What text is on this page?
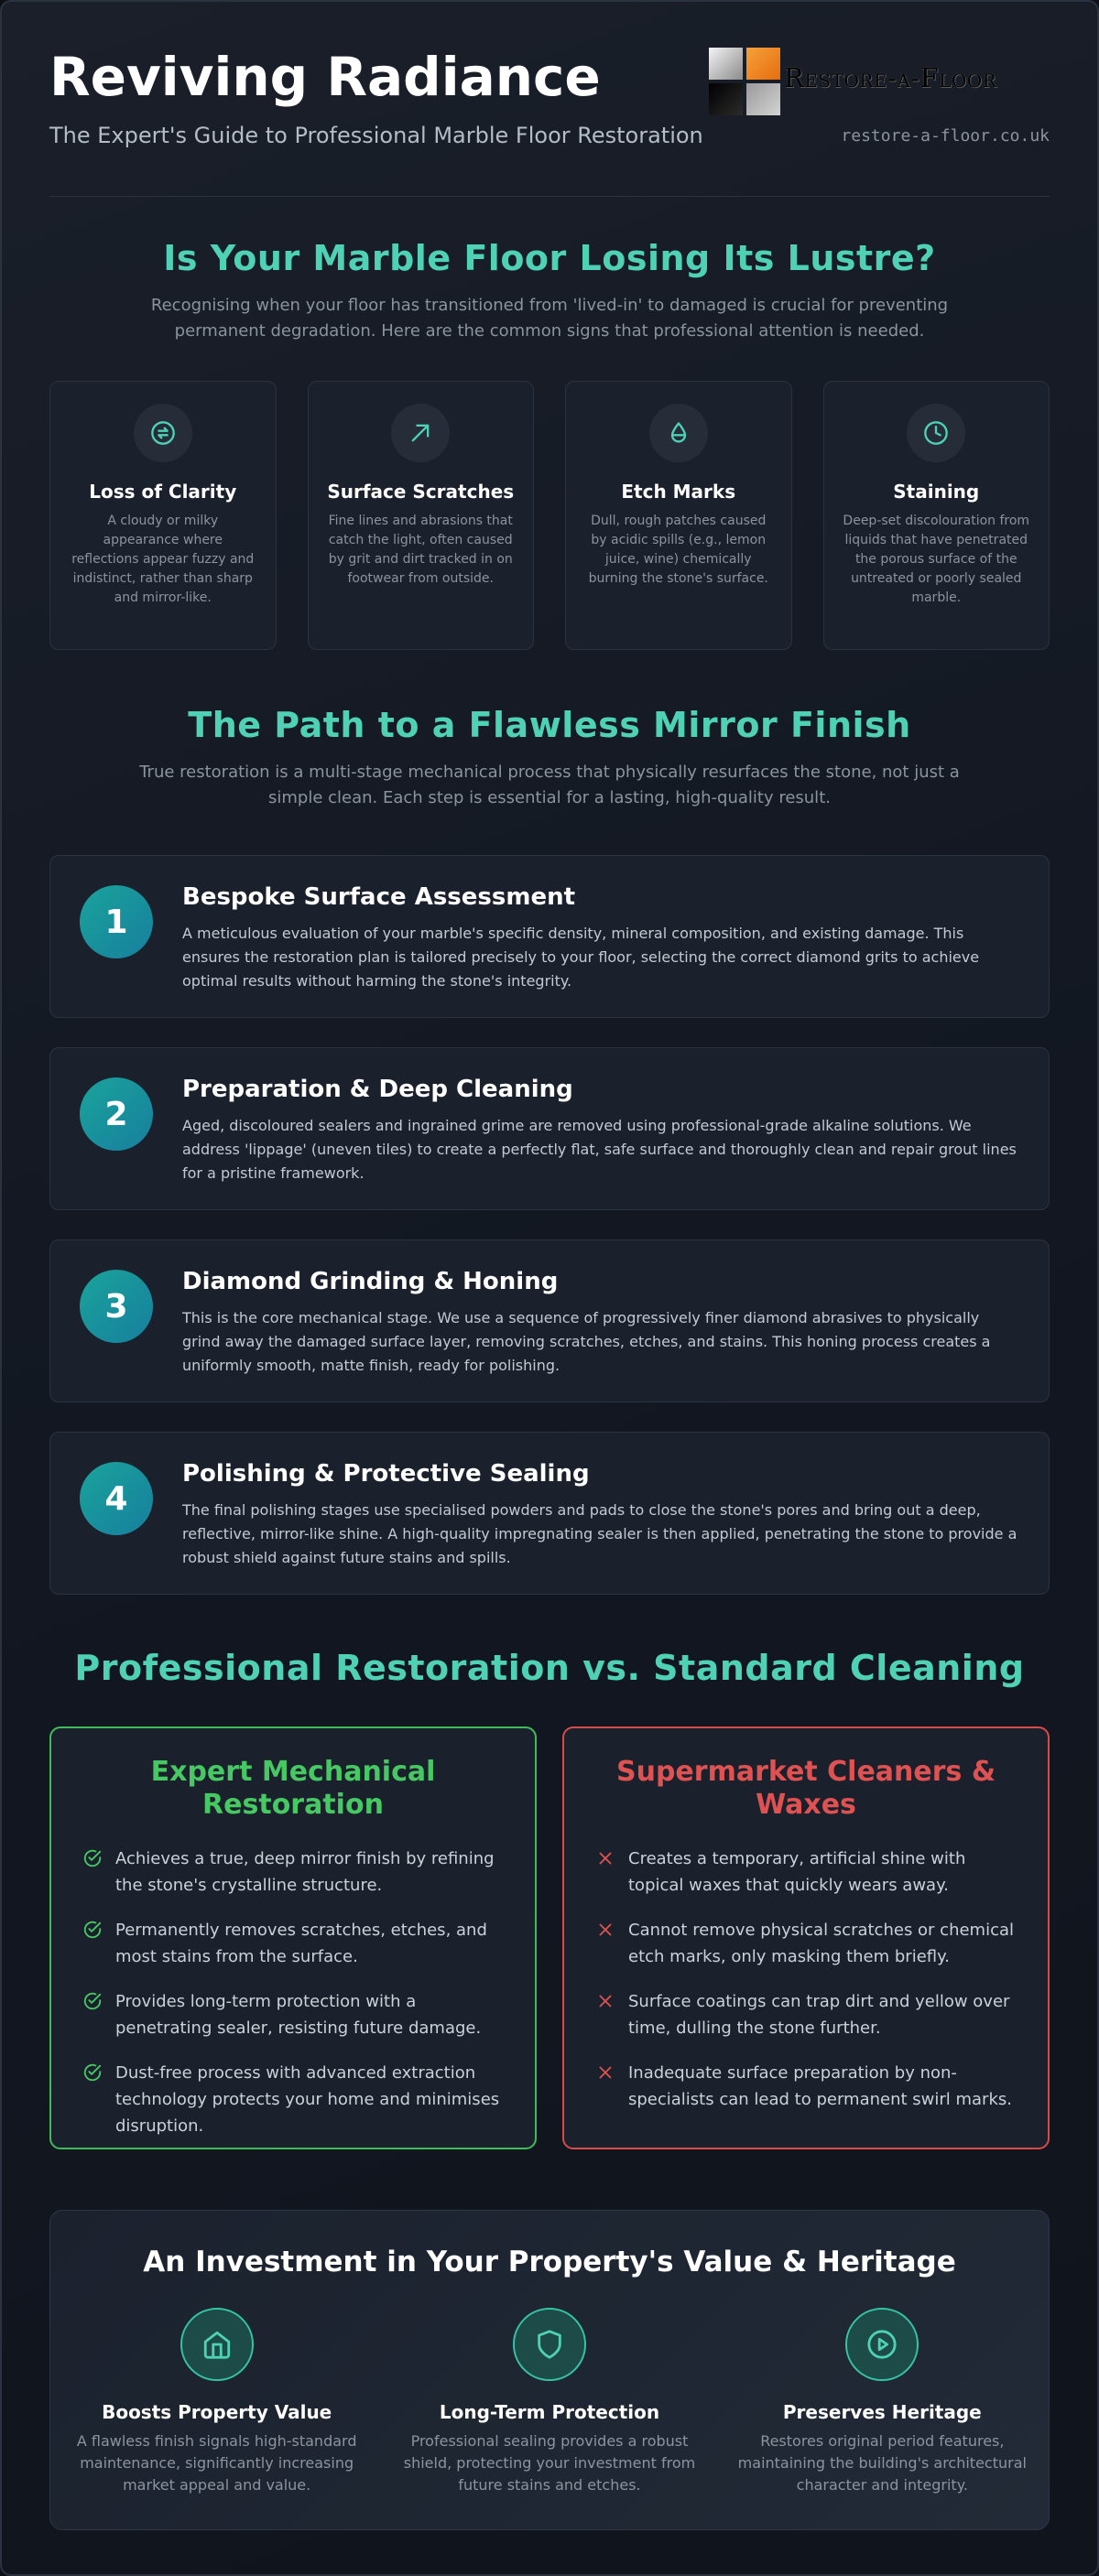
Reviving Radiance
The Expert's Guide to Professional Marble Floor Restoration
Restore-a-Floor
restore-a-floor.co.uk
Is Your Marble Floor Losing Its Lustre?

Recognising when your floor has transitioned from 'lived-in' to damaged is crucial for preventing permanent degradation. Here are the common signs that professional attention is needed.

Loss of Clarity
A cloudy or milky appearance where reflections appear fuzzy and indistinct, rather than sharp and mirror-like.
Surface Scratches
Fine lines and abrasions that catch the light, often caused by grit and dirt tracked in on footwear from outside.
Etch Marks
Dull, rough patches caused by acidic spills (e.g., lemon juice, wine) chemically burning the stone's surface.
Staining
Deep-set discolouration from liquids that have penetrated the porous surface of the untreated or poorly sealed marble.
The Path to a Flawless Mirror Finish

True restoration is a multi-stage mechanical process that physically resurfaces the stone, not just a simple clean. Each step is essential for a lasting, high-quality result.

1
Bespoke Surface Assessment
A meticulous evaluation of your marble's specific density, mineral composition, and existing damage. This ensures the restoration plan is tailored precisely to your floor, selecting the correct diamond grits to achieve optimal results without harming the stone's integrity.
2
Preparation & Deep Cleaning
Aged, discoloured sealers and ingrained grime are removed using professional-grade alkaline solutions. We address 'lippage' (uneven tiles) to create a perfectly flat, safe surface and thoroughly clean and repair grout lines for a pristine framework.
3
Diamond Grinding & Honing
This is the core mechanical stage. We use a sequence of progressively finer diamond abrasives to physically grind away the damaged surface layer, removing scratches, etches, and stains. This honing process creates a uniformly smooth, matte finish, ready for polishing.
4
Polishing & Protective Sealing
The final polishing stages use specialised powders and pads to close the stone's pores and bring out a deep, reflective, mirror-like shine. A high-quality impregnating sealer is then applied, penetrating the stone to provide a robust shield against future stains and spills.
Professional Restoration vs. Standard Cleaning
Expert Mechanical Restoration
Achieves a true, deep mirror finish by refining the stone's crystalline structure.
Permanently removes scratches, etches, and most stains from the surface.
Provides long-term protection with a penetrating sealer, resisting future damage.
Dust-free process with advanced extraction technology protects your home and minimises disruption.
Supermarket Cleaners & Waxes
Creates a temporary, artificial shine with topical waxes that quickly wears away.
Cannot remove physical scratches or chemical etch marks, only masking them briefly.
Surface coatings can trap dirt and yellow over time, dulling the stone further.
Inadequate surface preparation by non-specialists can lead to permanent swirl marks.
An Investment in Your Property's Value & Heritage
Boosts Property Value
A flawless finish signals high-standard maintenance, significantly increasing market appeal and value.
Long-Term Protection
Professional sealing provides a robust shield, protecting your investment from future stains and etches.
Preserves Heritage
Restores original period features, maintaining the building's architectural character and integrity.
